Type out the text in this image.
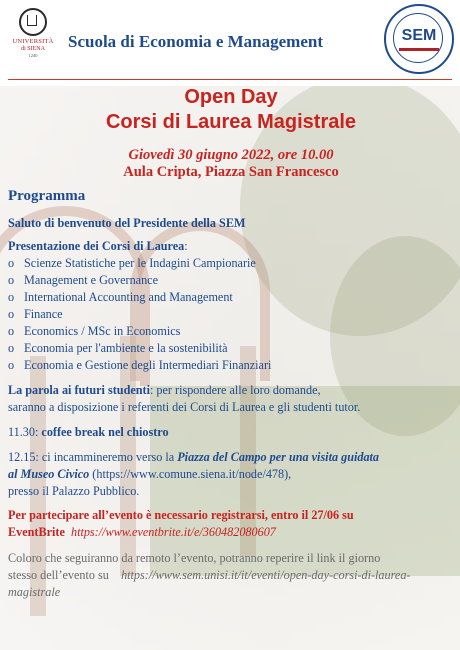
UNIVERSITÀ
di SIENA
1240
Scuola di Economia e Management	SEM
Open Day
Corsi di Laurea Magistrale
Giovedì 30 giugno 2022, ore 10.00
Aula Cripta, Piazza San Francesco
Programma
Saluto di benvenuto del Presidente della SEM
Presentazione dei Corsi di Laurea:
o Scienze Statistiche per le Indagini Campionarie
o Management e Governance
o International Accounting and Management
o Finance
o Economics / MSc in Economics
o Economia per l'ambiente e la sostenibilità
o Economia e Gestione degli Intermediari Finanziari
La parola ai futuri studenti: per rispondere alle loro domande,
saranno a disposizione i referenti dei Corsi di Laurea e gli studenti tutor.
11.30: coffee break nel chiostro
12.15: ci incammineremo verso la Piazza del Campo per una visita guidata
al Museo Civico (https://www.comune.siena.it/node/478),
presso il Palazzo Pubblico.
Per partecipare all’evento è necessario registrarsi, entro il 27/06 su
EventBrite https://www.eventbrite.it/e/360482080607
Coloro che seguiranno da remoto l’evento, potranno reperire il link il giorno
stesso dell’evento su https://www.sem.unisi.it/it/eventi/open-day-corsi-di-laurea-
magistrale
